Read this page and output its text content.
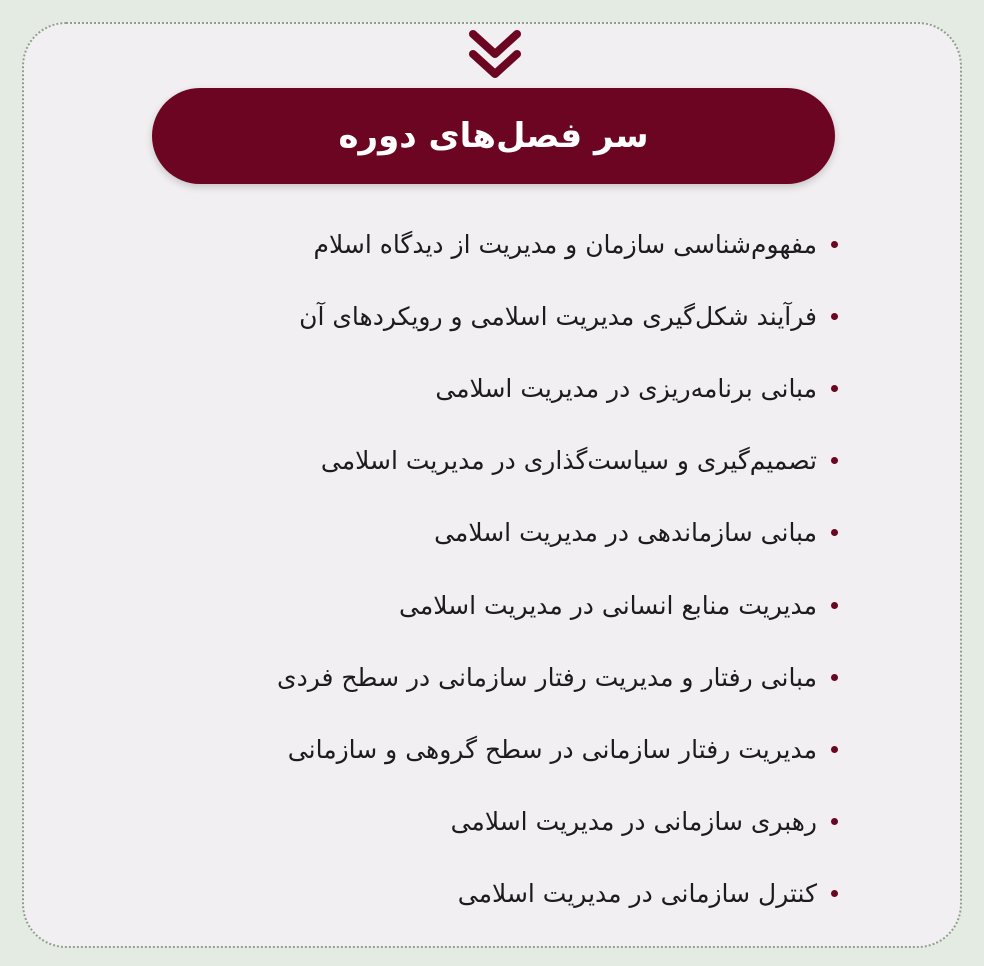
سر فصل‌های دوره
مفهوم‌شناسی سازمان و مدیریت از دیدگاه اسلام
فرآیند شکل‌گیری مدیریت اسلامی و رویکردهای آن
مبانی برنامه‌ریزی در مدیریت اسلامی
تصمیم‌گیری و سیاست‌گذاری در مدیریت اسلامی
مبانی سازماندهی در مدیریت اسلامی
مدیریت منابع انسانی در مدیریت اسلامی
مبانی رفتار و مدیریت رفتار سازمانی در سطح فردی
مدیریت رفتار سازمانی در سطح گروهی و سازمانی
رهبری سازمانی در مدیریت اسلامی
کنترل سازمانی در مدیریت اسلامی
